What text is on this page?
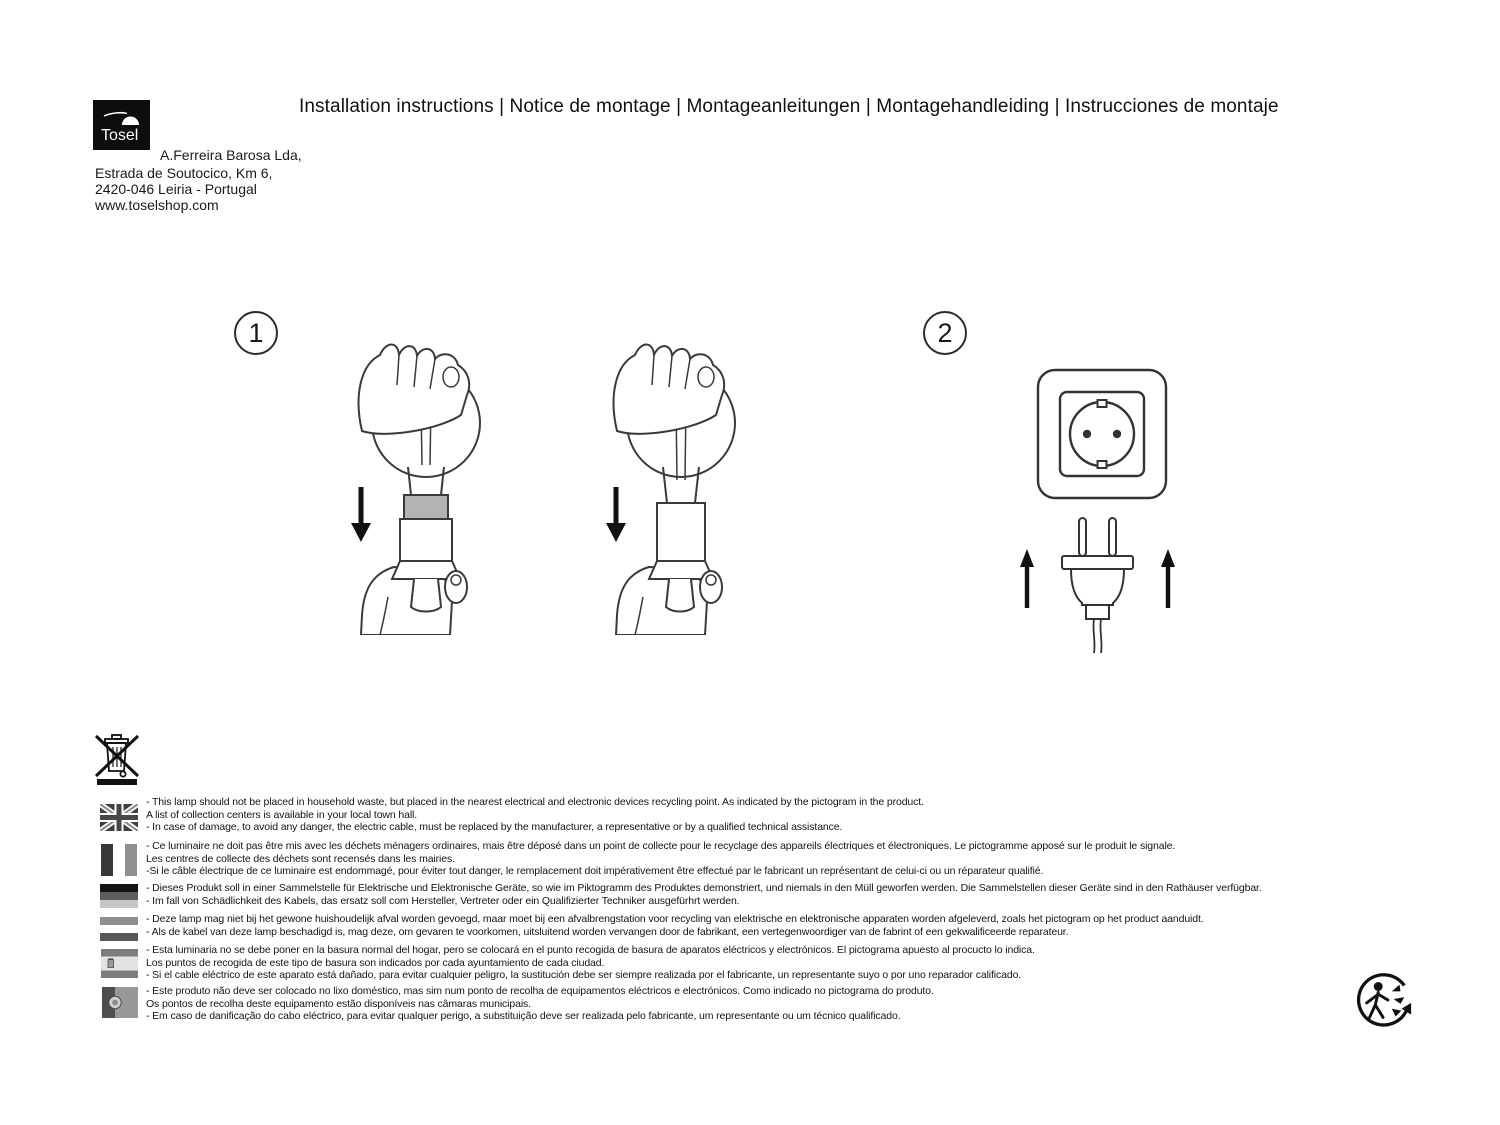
Installation instructions | Notice de montage | Montageanleitungen | Montagehandleiding | Instrucciones de montaje
Tosel
A.Ferreira Barosa Lda,
Estrada de Soutocico, Km 6,
2420-046 Leiria - Portugal
www.toselshop.com
1	2
- This lamp should not be placed in household waste, but placed in the nearest electrical and electronic devices recycling point. As indicated by the pictogram in the product.
A list of collection centers is available in your local town hall.
- In case of damage, to avoid any danger, the electric cable, must be replaced by the manufacturer, a representative or by a qualified technical assistance.
- Ce luminaire ne doit pas être mis avec les déchets ménagers ordinaires, mais être déposé dans un point de collecte pour le recyclage des appareils électriques et électroniques. Le pictogramme apposé sur le produit le signale.
Les centres de collecte des déchets sont recensés dans les mairies.
-Si le câble électrique de ce luminaire est endommagé, pour éviter tout danger, le remplacement doit impérativement être effectué par le fabricant un représentant de celui-ci ou un réparateur qualifié.
- Dieses Produkt soll in einer Sammelstelle für Elektrische und Elektronische Geräte, so wie im Piktogramm des Produktes demonstriert, und niemals in den Müll geworfen werden. Die Sammelstellen dieser Geräte sind in den Rathäuser verfügbar.
- Im fall von Schädlichkeit des Kabels, das ersatz soll com Hersteller, Vertreter oder ein Qualifizierter Techniker ausgefürhrt werden.
- Deze lamp mag niet bij het gewone huishoudelijk afval worden gevoegd, maar moet bij een afvalbrengstation voor recycling van elektrische en elektronische apparaten worden afgeleverd, zoals het pictogram op het product aanduidt.
- Als de kabel van deze lamp beschadigd is, mag deze, om gevaren te voorkomen, uitsluitend worden vervangen door de fabrikant, een vertegenwoordiger van de fabrint of een gekwalificeerde reparateur.
- Esta luminaria no se debe poner en la basura normal del hogar, pero se colocará en el punto recogida de basura de aparatos eléctricos y electrónicos. El pictograma apuesto al procucto lo indica.
Los puntos de recogida de este tipo de basura son indicados por cada ayuntamiento de cada ciudad.
- Si el cable eléctrico de este aparato está dañado, para evitar cualquier peligro, la sustitución debe ser siempre realizada por el fabricante, un representante suyo o por uno reparador calificado.
- Este produto não deve ser colocado no lixo doméstico, mas sim num ponto de recolha de equipamentos eléctricos e electrónicos. Como indicado no pictograma do produto.
Os pontos de recolha deste equipamento estão disponíveis nas câmaras municipais.
- Em caso de danificação do cabo eléctrico, para evitar qualquer perigo, a substituição deve ser realizada pelo fabricante, um representante ou um técnico qualificado.
